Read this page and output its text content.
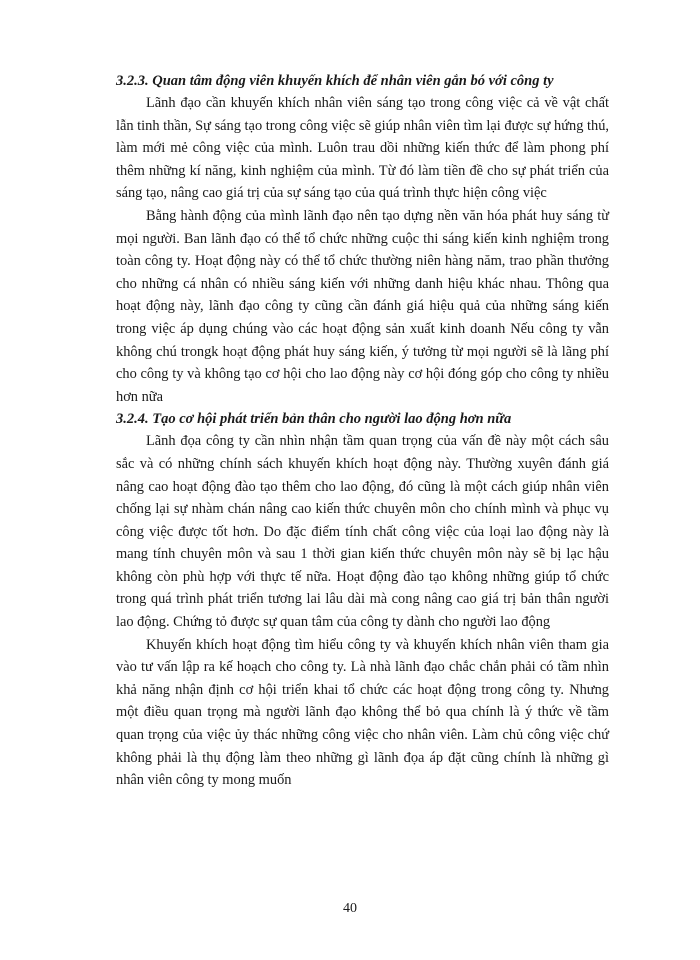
3.2.3. Quan tâm động viên khuyến khích để nhân viên gắn bó với công ty

Lãnh đạo cần khuyến khích nhân viên sáng tạo trong công việc cả về vật chất lẫn tinh thần, Sự sáng tạo trong công việc sẽ giúp nhân viên tìm lại được sự hứng thú, làm mới mẻ công việc của mình. Luôn trau dồi những kiến thức để làm phong phí thêm những kí năng, kinh nghiệm của mình. Từ đó làm tiền đề cho sự phát triển của sáng tạo, nâng cao giá trị của sự sáng tạo của quá trình thực hiện công việc

Bằng hành động của mình lãnh đạo nên tạo dựng nền văn hóa phát huy sáng từ mọi người. Ban lãnh đạo có thể tổ chức những cuộc thi sáng kiến kinh nghiệm trong toàn công ty. Hoạt động này có thể tổ chức thường niên hàng năm, trao phần thưởng cho những cá nhân có nhiều sáng kiến với những danh hiệu khác nhau. Thông qua hoạt động này, lãnh đạo công ty cũng cần đánh giá hiệu quả của những sáng kiến trong việc áp dụng chúng vào các hoạt động sản xuất kinh doanh Nếu công ty vẫn không chú trongk hoạt động phát huy sáng kiến, ý tưởng từ mọi người sẽ là lãng phí cho công ty và không tạo cơ hội cho lao động này cơ hội đóng góp cho công ty nhiều hơn nữa

3.2.4. Tạo cơ hội phát triển bản thân cho người lao động hơn nữa

Lãnh đọa công ty cần nhìn nhận tầm quan trọng của vấn đề này một cách sâu sắc và có những chính sách khuyến khích hoạt động này. Thường xuyên đánh giá nâng cao hoạt động đào tạo thêm cho lao động, đó cũng là một cách giúp nhân viên chống lại sự nhàm chán nâng cao kiến thức chuyên môn cho chính mình và phục vụ công việc được tốt hơn. Do đặc điểm tính chất công việc của loại lao động này là mang tính chuyên môn và sau 1 thời gian kiến thức chuyên môn này sẽ bị lạc hậu không còn phù hợp với thực tế nữa. Hoạt động đào tạo không những giúp tổ chức trong quá trình phát triển tương lai lâu dài mà cong nâng cao giá trị bản thân người lao động. Chứng tỏ được sự quan tâm của công ty dành cho người lao động

Khuyến khích hoạt động tìm hiểu công ty và khuyến khích nhân viên tham gia vào tư vấn lập ra kế hoạch cho công ty. Là nhà lãnh đạo chắc chắn phải có tầm nhìn khả năng nhận định cơ hội triển khai tổ chức các hoạt động trong công ty. Nhưng một điều quan trọng mà người lãnh đạo không thể bỏ qua chính là ý thức về tầm quan trọng của việc ủy thác những công việc cho nhân viên. Làm chủ công việc chứ không phải là thụ động làm theo những gì lãnh đọa áp đặt cũng chính là những gì nhân viên công ty mong muốn

40
